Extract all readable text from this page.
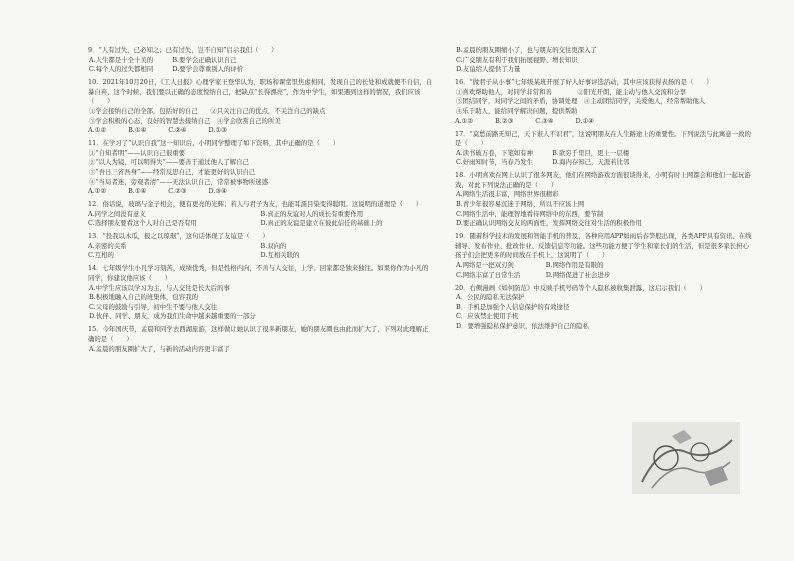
9．“人有过失，已必知之；已有过失，岂不自知”启示我们（　　）
A.人生都是十全十美的　　　B.要学会正确认识自己
C.每个人的过失都相同　　　D.要学会尊重别人的评价
10．2021年10月20日，《工人日报》心理学家王登华认为，职场和课堂里焦虑相同，发现自己的长处和成就便不自信，自暴自弃，这个时候，我们要以正确的态度悦纳自己，把缺点“长得漂亮”，作为中学生，如果遇到这样的情况，我们应该（　　）
①学会接纳自己的全部，包括好的自己　　②只关注自己的优点，不关注自己的缺点
③学会积极的心态，良好的智慧去接纳自己　④学会欣赏自己的所美
A.①②	B.①④	C.②④	D.①③
11．在学习了“认识自我”这一知识后，小明同学整理了如下资料，其中正确的是（　　）
①“自知者明”——认识自己很重要
②“以人为镜，可以明得失”——要善于通过他人了解自己
③“吾日三省吾身”——经常反思自己，才能更好的认识自己
④“当局者迷，旁观者清”——无法认识自己，常常被事物所迷惑
A.①②	B.①④	C.②③	D.③④
12．俗话说，玻璃与金子相会，便有更亮的光辉；若人与君子为友，也能耳濡目染变得聪明。这说明的道理是（　　）
A.同学之间没有意义	B.真正的友谊对人的成长有重要作用
C.选择朋友要看这个人对自己是否有用	D.真正的友谊是建立在彼此信任的基础上的
13．“投我以木瓜，报之以琼琚”，这句话体现了友谊是（　　）
A.亲密的关系	B.双向的
C.互相的	D.互相关联的
14．七年级学生小凡学习刻苦，成绩优秀，但是性格内向，不善与人交往，上学、回家都是独来独往。如果你作为小凡的同学，你建议他应该（　　）
A.中学生应该以学习为主，与人交往是长大后的事
B.积极地融入自己的班集体，包容我的
C.父母的鼓励与引导，初中生不要与他人交往
D.伙伴、同学、朋友，成为我们生命中越来越重要的一部分
15．今年国庆节，孟晨和同学去西湖旅游，这样做让她认识了很多新朋友，她的朋友圈也由此而扩大了，下列对此理解正确的是（　　）
A.孟晨的朋友圈扩大了，与新的活动内容更丰富了
B.孟晨的朋友圈缩小了，也与朋友的交往更深入了
C.广交朋友有利于我们拓展视野、增长知识
D.友谊给人提供了力量
16．“做君子从小事”七年级某班开展了好人好事评选活动，其中应该获得表扬的是（　　）
①喜欢帮助他人，对同学非常和善　　　　②阳光开朗，能主动与他人交流和分享
③团结同学，对同学之间的矛盾，协调处理　④主动团结同学，关爱他人，经常帮助他人
④乐于助人，能给同学解决问题，提供帮助
A.①②	B.②③	C.③④	D.①④
17．“莫愁前路无知己，天下谁人不识君”，这说明朋友在人生路途上的重要性。下列说法与此寓意一致的是（　　）
A.读书破万卷，下笔如有神　　　B.欲穷千里目，更上一层楼
C.好雨知时节，当春乃发生　　　D.海内存知己，天涯若比邻
18．小明喜欢在网上认识了很多网友，他们在网络游戏方面很谈得来，小明有时上网都会和他们一起玩游戏，对此下列说法正确的是（　　）
A.网络生活很丰富，网络世界很精彩
B.青少年很容易沉迷于网络，所以不应该上网
C.网络生活中，能理智地看待网络中的东西，要节制
D.要正确认识网络交友的两面性，发挥网络交往对生活的积极作用
19．随着科学技术的发展和智能手机的普及，各种应用APP如雨后春笋般出现，各类APP具有资讯、在线辅导、发布作业、批改作业、反馈信息等功能。这些功能方便了学生和家长们的生活，但是很多家长担心孩子们会把更多的时间放在手机上，这说明了（　　）
A.网络是一把双刃剑　　　　　B.网络作用是有限的
C.网络丰富了日常生活　　　　D.网络促进了社会进步
20．右侧漫画《如何防范》中反映手机号码等个人隐私被收集泄露，这启示我们（　　）
A．公民的隐私无法保护
B．手机是加强个人信息保护的有效途径
C．应该禁止使用手机
D．要增强隐私保护意识，依法维护自己的隐私
